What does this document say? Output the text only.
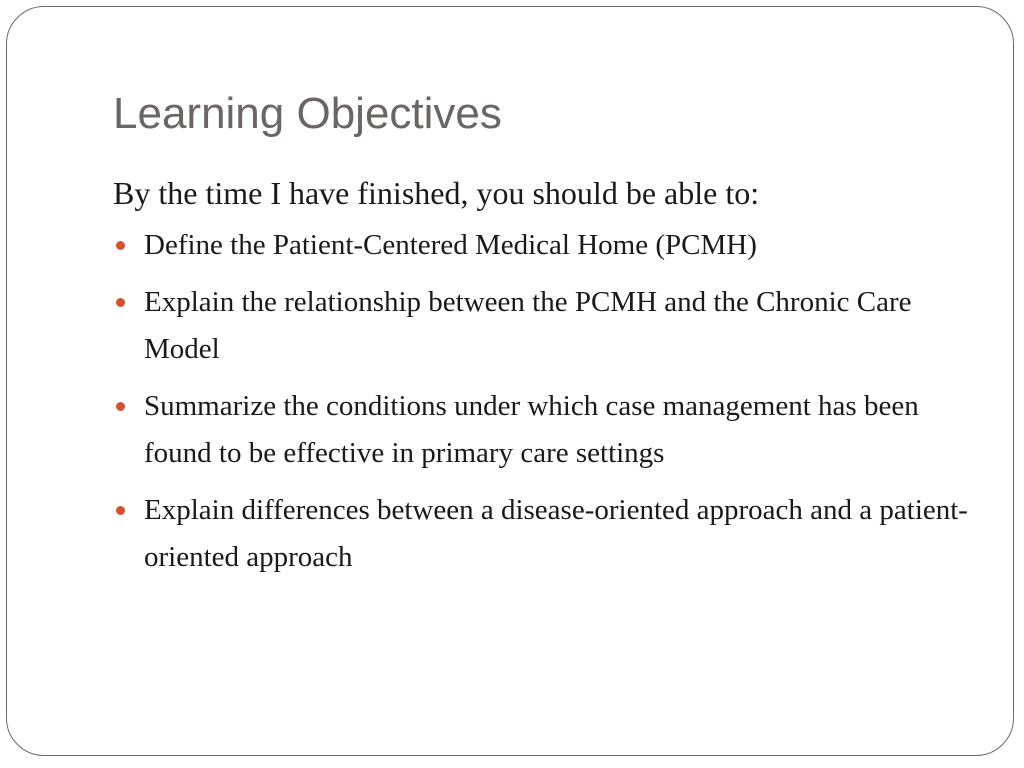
Learning Objectives

By the time I have finished, you should be able to:

Define the Patient-Centered Medical Home (PCMH)
Explain the relationship between the PCMH and the Chronic Care Model
Summarize the conditions under which case management has been found to be effective in primary care settings
Explain differences between a disease-oriented approach and a patient-oriented approach
